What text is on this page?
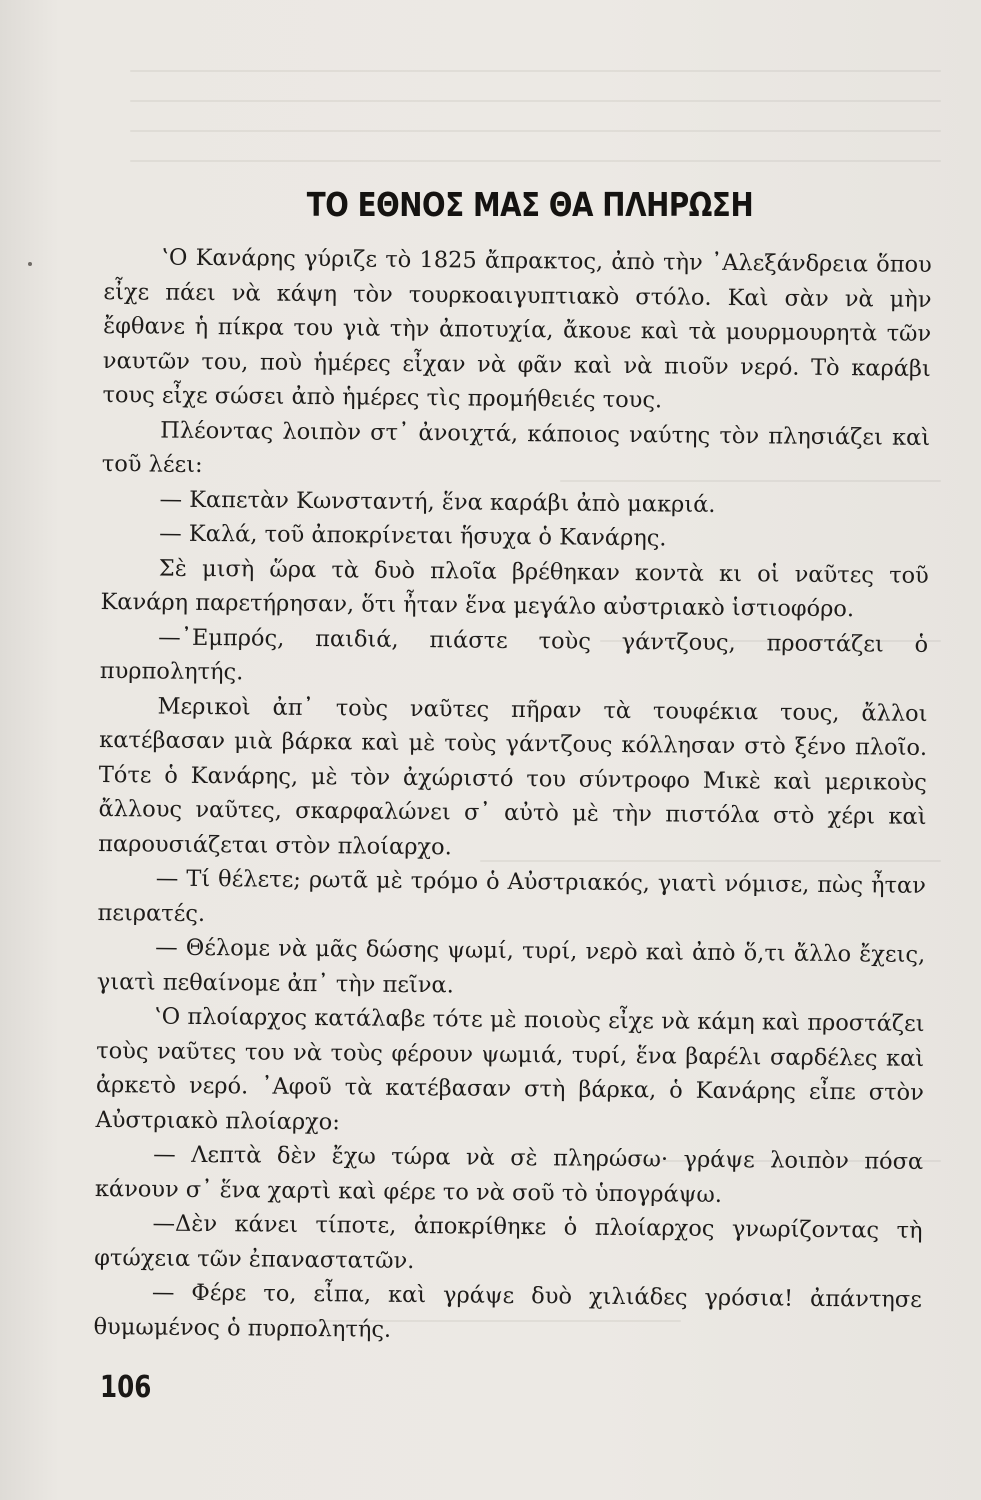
ΤΟ ΕΘΝΟΣ ΜΑΣ ΘΑ ΠΛΗΡΩΣΗ

‛Ο Κανάρης γύριζε τὸ 1825 ἄπρακτος, ἀπὸ τὴν ᾿Αλεξάνδρεια ὅπου εἶχε πάει νὰ κάψη τὸν τουρκοαιγυπτιακὸ στόλο. Καὶ σὰν νὰ μὴν ἔφθανε ἡ πίκρα του γιὰ τὴν ἀποτυχία, ἄκουε καὶ τὰ μουρμουρητὰ τῶν ναυτῶν του, ποὺ ἡμέρες εἶχαν νὰ φᾶν καὶ νὰ πιοῦν νερό. Τὸ καράβι τους εἶχε σώσει ἀπὸ ἡμέρες τὶς προμήθειές τους.

Πλέοντας λοιπὸν στ᾿ ἀνοιχτά, κάποιος ναύτης τὸν πλησιάζει καὶ τοῦ λέει:

— Καπετὰν Κωνσταντή, ἕνα καράβι ἀπὸ μακριά.

— Καλά, τοῦ ἀποκρίνεται ἥσυχα ὁ Κανάρης.

Σὲ μισὴ ὥρα τὰ δυὸ πλοῖα βρέθηκαν κοντὰ κι οἱ ναῦτες τοῦ Κανάρη παρετήρησαν, ὅτι ἦταν ἕνα μεγάλο αὐστριακὸ ἱστιοφόρο.

—᾿Εμπρός, παιδιά, πιάστε τοὺς γάντζους, προστάζει ὁ πυρπολητής.

Μερικοὶ ἀπ᾿ τοὺς ναῦτες πῆραν τὰ τουφέκια τους, ἄλλοι κατέβασαν μιὰ βάρκα καὶ μὲ τοὺς γάντζους κόλλησαν στὸ ξένο πλοῖο. Τότε ὁ Κανάρης, μὲ τὸν ἀχώριστό του σύντροφο Μικὲ καὶ μερικοὺς ἄλλους ναῦτες, σκαρφαλώνει σ᾿ αὐτὸ μὲ τὴν πιστόλα στὸ χέρι καὶ παρουσιάζεται στὸν πλοίαρχο.

— Τί θέλετε; ρωτᾶ μὲ τρόμο ὁ Αὐστριακός, γιατὶ νόμισε, πὼς ἦταν πειρατές.

— Θέλομε νὰ μᾶς δώσης ψωμί, τυρί, νερὸ καὶ ἀπὸ ὅ,τι ἄλλο ἔχεις, γιατὶ πεθαίνομε ἀπ᾿ τὴν πεῖνα.

‛Ο πλοίαρχος κατάλαβε τότε μὲ ποιοὺς εἶχε νὰ κάμη καὶ προστάζει τοὺς ναῦτες του νὰ τοὺς φέρουν ψωμιά, τυρί, ἕνα βαρέλι σαρδέλες καὶ ἀρκετὸ νερό. ᾿Αφοῦ τὰ κατέβασαν στὴ βάρκα, ὁ Κανάρης εἶπε στὸν Αὐστριακὸ πλοίαρχο:

— Λεπτὰ δὲν ἔχω τώρα νὰ σὲ πληρώσω· γράψε λοιπὸν πόσα κάνουν σ᾿ ἕνα χαρτὶ καὶ φέρε το νὰ σοῦ τὸ ὑπογράψω.

—Δὲν κάνει τίποτε, ἀποκρίθηκε ὁ πλοίαρχος γνωρίζοντας τὴ φτώχεια τῶν ἐπαναστατῶν.

— Φέρε το, εἶπα, καὶ γράψε δυὸ χιλιάδες γρόσια! ἀπάντησε θυμωμένος ὁ πυρπολητής.

106
